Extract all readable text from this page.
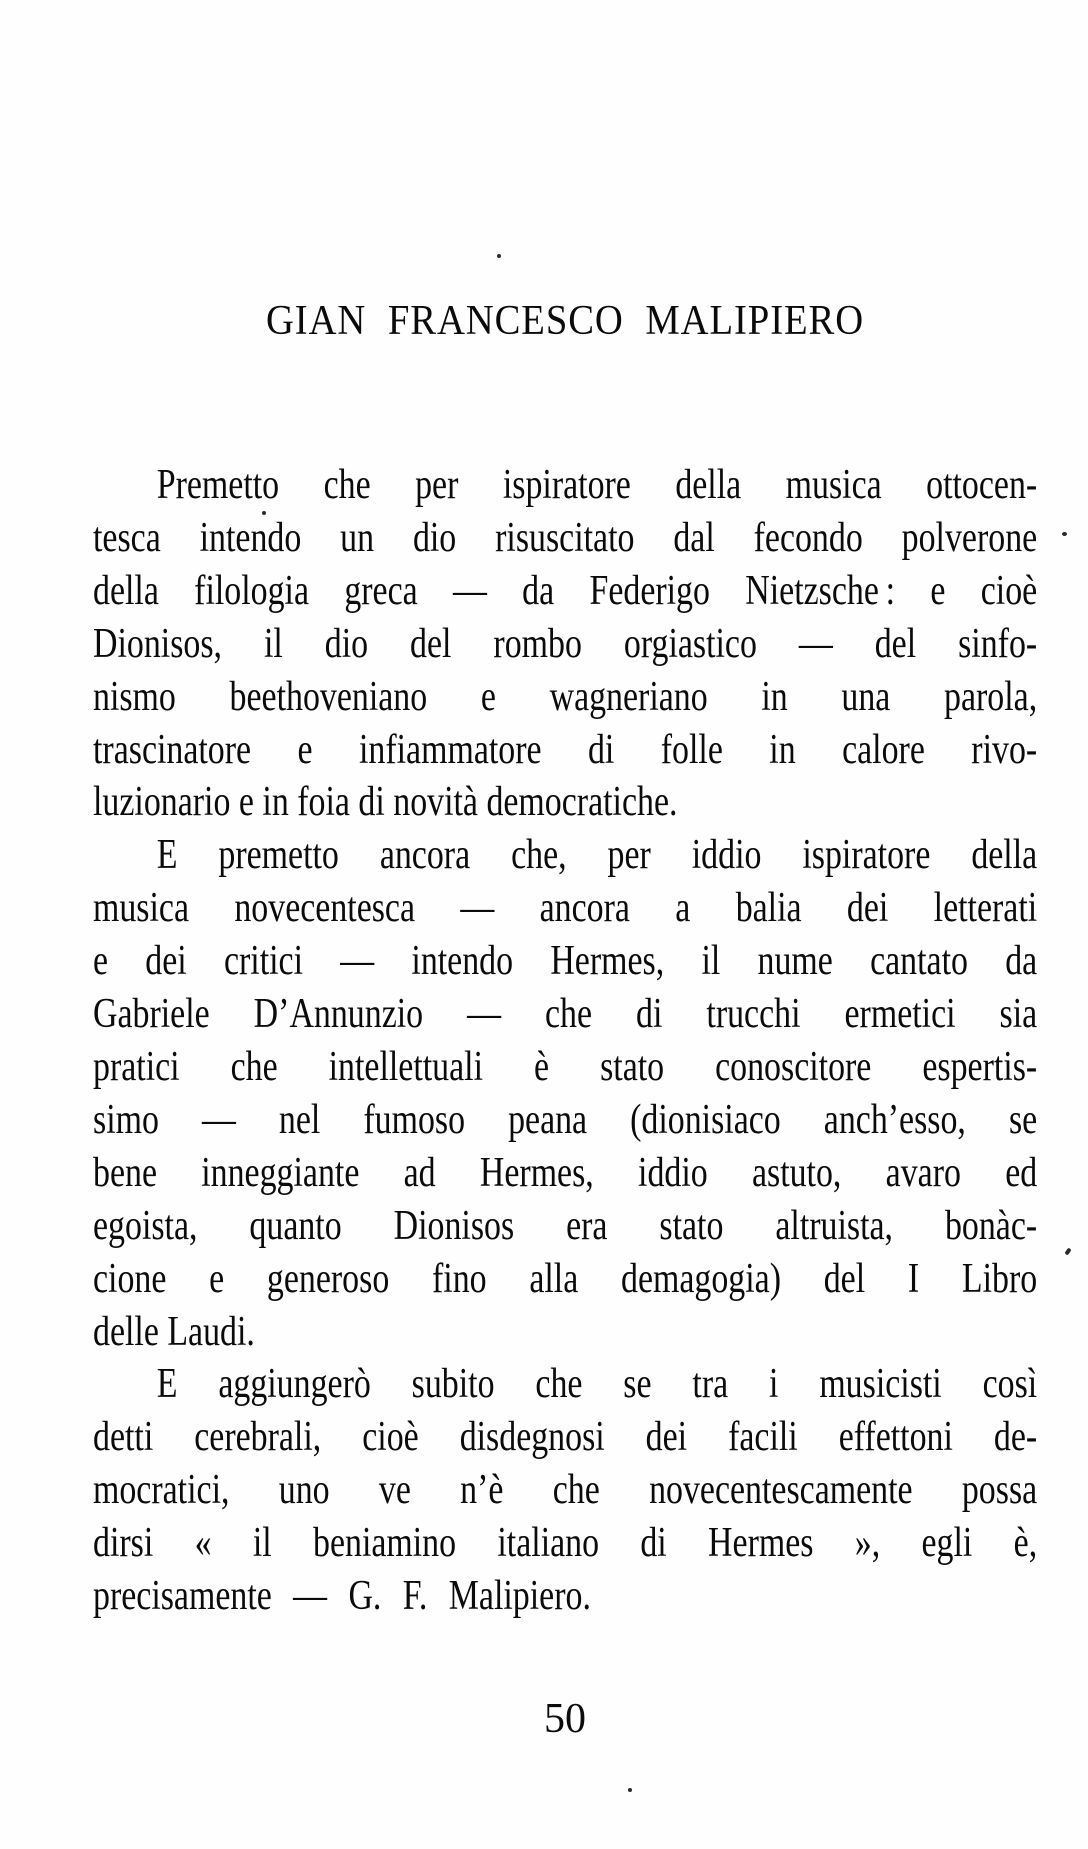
GIAN FRANCESCO MALIPIERO
Premetto che per ispiratore della musica ottocen-
tesca intendo un dio risuscitato dal fecondo polverone
della filologia greca — da Federigo Nietzsche : e cioè
Dionisos, il dio del rombo orgiastico — del sinfo-
nismo beethoveniano e wagneriano in una parola,
trascinatore e infiammatore di folle in calore rivo-
luzionario e in foia di novità democratiche.
E premetto ancora che, per iddio ispiratore della
musica novecentesca — ancora a balia dei letterati
e dei critici — intendo Hermes, il nume cantato da
Gabriele D’Annunzio — che di trucchi ermetici sia
pratici che intellettuali è stato conoscitore espertis-
simo — nel fumoso peana (dionisiaco anch’esso, se
bene inneggiante ad Hermes, iddio astuto, avaro ed
egoista, quanto Dionisos era stato altruista, bonàc-
cione e generoso fino alla demagogia) del I Libro
delle Laudi.
E aggiungerò subito che se tra i musicisti così
detti cerebrali, cioè disdegnosi dei facili effettoni de-
mocratici, uno ve n’è che novecentescamente possa
dirsi « il beniamino italiano di Hermes », egli è,
precisamente — G. F. Malipiero.
50
